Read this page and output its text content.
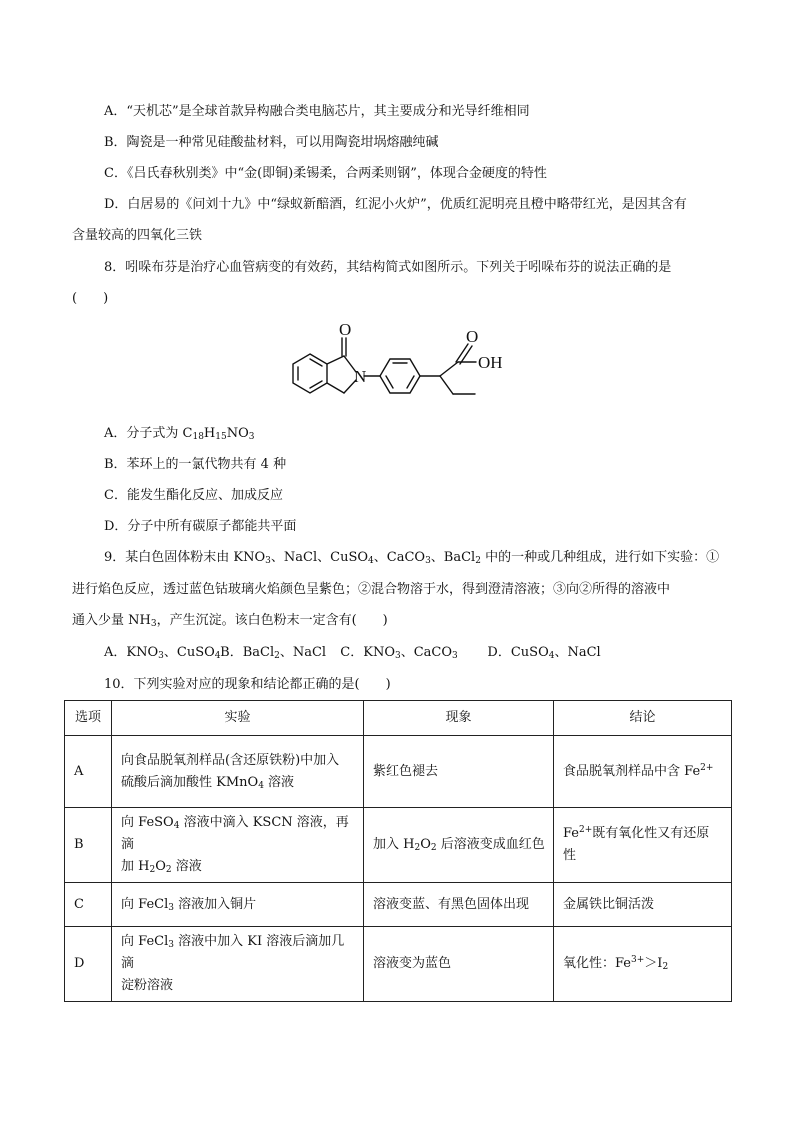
A．“天机芯”是全球首款异构融合类电脑芯片，其主要成分和光导纤维相同
B．陶瓷是一种常见硅酸盐材料，可以用陶瓷坩埚熔融纯碱
C．《吕氏春秋别类》中“金(即铜)柔锡柔，合两柔则钢”，体现合金硬度的特性
D．白居易的《问刘十九》中“绿蚁新醅酒，红泥小火炉”，优质红泥明亮且橙中略带红光，是因其含有
含量较高的四氧化三铁
8．吲哚布芬是治疗心血管病变的有效药，其结构简式如图所示。下列关于吲哚布芬的说法正确的是
(　　)
O
N
O
OH
A．分子式为 $C_{18}H_{15}NO_3$
B．苯环上的一氯代物共有 4 种
C．能发生酯化反应、加成反应
D．分子中所有碳原子都能共平面
9．某白色固体粉末由 $KNO_3$、NaCl、CuSO$_4$、CaCO$_3$、BaCl$_2$ 中的一种或几种组成，进行如下实验：①
进行焰色反应，透过蓝色钴玻璃火焰颜色呈紫色；②混合物溶于水，得到澄清溶液；③向②所得的溶液中
通入少量 $NH_3$，产生沉淀。该白色粉末一定含有(　　)
A．$KNO_3$、CuSO$_4$ B．BaCl$_2$、NaCl C．$KNO_3$、CaCO$_3$ D．CuSO$_4$、NaCl
10．下列实验对应的现象和结论都正确的是(　　)
选项	实验	现象	结论
A	向食品脱氧剂样品(含还原铁粉)中加入
硫酸后滴加酸性 KMnO$_4$ 溶液	紫红色褪去	食品脱氧剂样品中含 $Fe^{2+}$
B	向 FeSO$_4$ 溶液中滴入 KSCN 溶液，再滴
加 $H_2O_2$ 溶液	加入 $H_2O_2$ 后溶液变成血红色	$Fe^{2+}$既有氧化性又有还原
性
C	向 FeCl$_3$ 溶液加入铜片	溶液变蓝、有黑色固体出现	金属铁比铜活泼
D	向 FeCl$_3$ 溶液中加入 KI 溶液后滴加几滴
淀粉溶液	溶液变为蓝色	氧化性：$Fe^{3+}>I_2$
